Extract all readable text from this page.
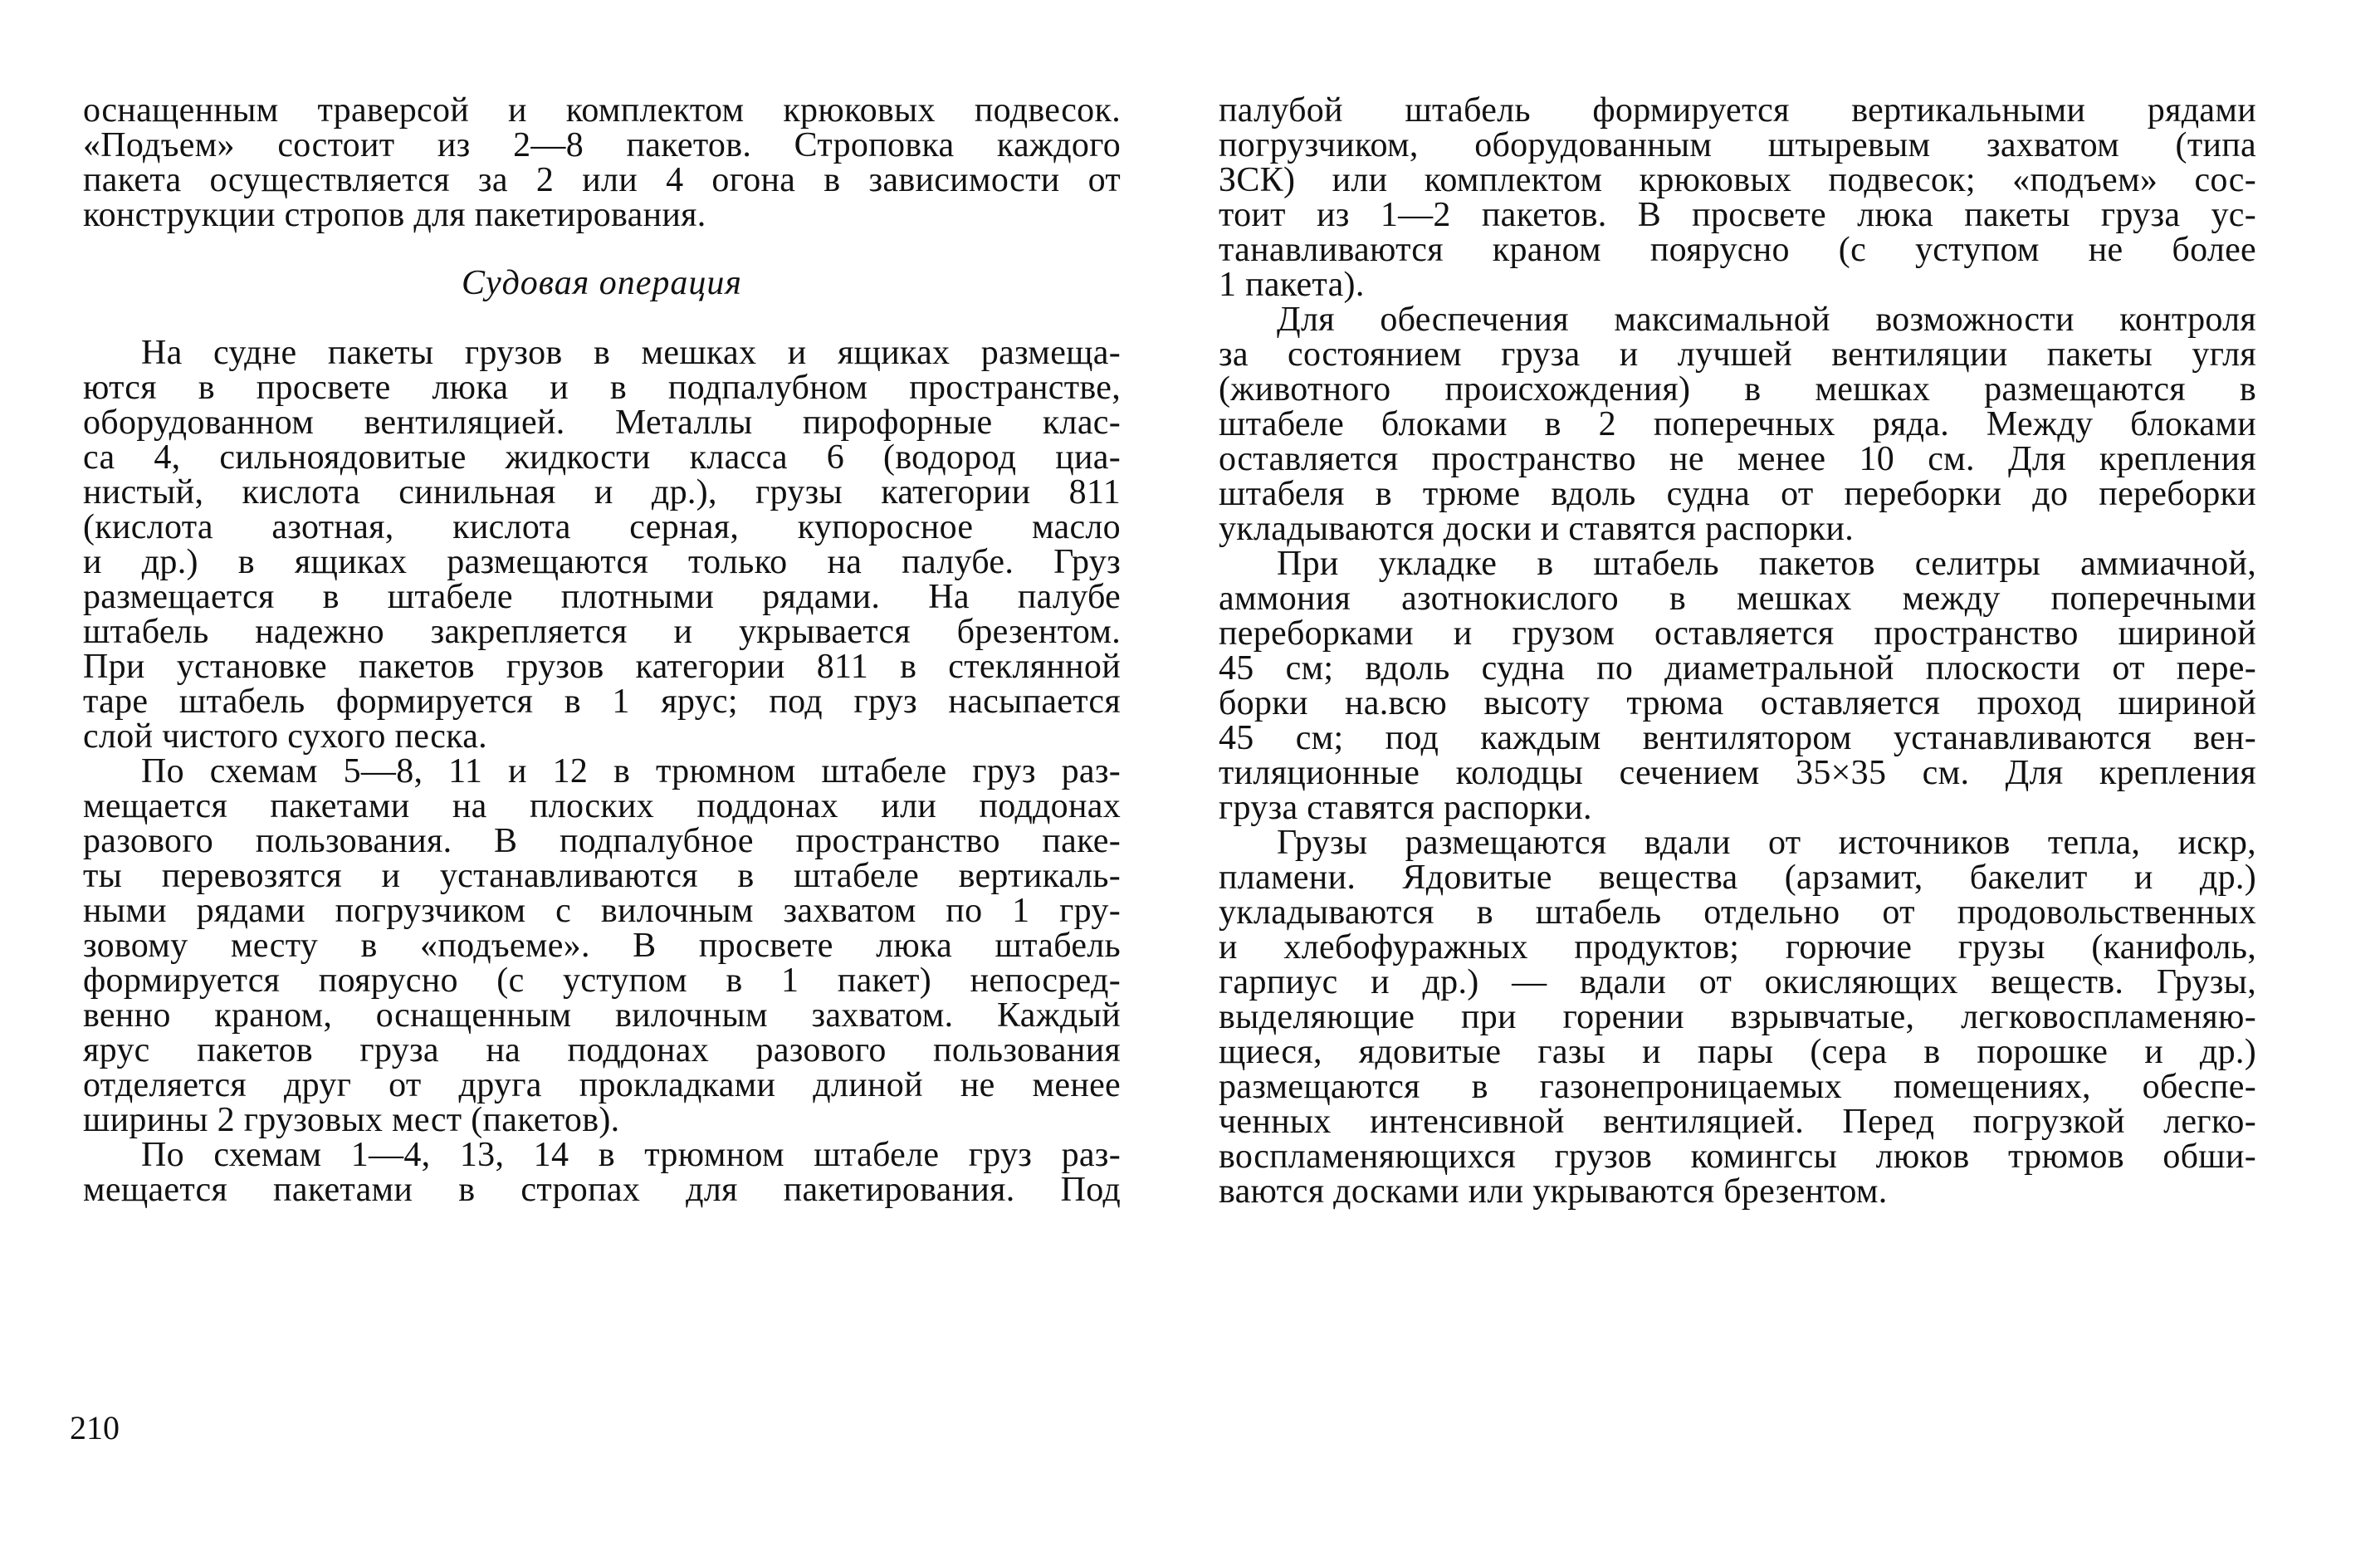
оснащенным траверсой и комплектом крюковых подвесок.
«Подъем» состоит из 2—8 пакетов. Строповка каждого
пакета осуществляется за 2 или 4 огона в зависимости от
конструкции стропов для пакетирования.
Судовая операция
На судне пакеты грузов в мешках и ящиках размеща-
ются в просвете люка и в подпалубном пространстве,
оборудованном вентиляцией. Металлы пирофорные клас-
са 4, сильноядовитые жидкости класса 6 (водород циа-
нистый, кислота синильная и др.), грузы категории 811
(кислота азотная, кислота серная, купоросное масло
и др.) в ящиках размещаются только на палубе. Груз
размещается в штабеле плотными рядами. На палубе
штабель надежно закрепляется и укрывается брезентом.
При установке пакетов грузов категории 811 в стеклянной
таре штабель формируется в 1 ярус; под груз насыпается
слой чистого сухого песка.
По схемам 5—8, 11 и 12 в трюмном штабеле груз раз-
мещается пакетами на плоских поддонах или поддонах
разового пользования. В подпалубное пространство паке-
ты перевозятся и устанавливаются в штабеле вертикаль-
ными рядами погрузчиком с вилочным захватом по 1 гру-
зовому месту в «подъеме». В просвете люка штабель
формируется поярусно (с уступом в 1 пакет) непосред-
венно краном, оснащенным вилочным захватом. Каждый
ярус пакетов груза на поддонах разового пользования
отделяется друг от друга прокладками длиной не менее
ширины 2 грузовых мест (пакетов).
По схемам 1—4, 13, 14 в трюмном штабеле груз раз-
мещается пакетами в стропах для пакетирования. Под
палубой штабель формируется вертикальными рядами
погрузчиком, оборудованным штыревым захватом (типа
ЗСК) или комплектом крюковых подвесок; «подъем» сос-
тоит из 1—2 пакетов. В просвете люка пакеты груза ус-
танавливаются краном поярусно (с уступом не более
1 пакета).
Для обеспечения максимальной возможности контроля
за состоянием груза и лучшей вентиляции пакеты угля
(животного происхождения) в мешках размещаются в
штабеле блоками в 2 поперечных ряда. Между блоками
оставляется пространство не менее 10 см. Для крепления
штабеля в трюме вдоль судна от переборки до переборки
укладываются доски и ставятся распорки.
При укладке в штабель пакетов селитры аммиачной,
аммония азотнокислого в мешках между поперечными
переборками и грузом оставляется пространство шириной
45 см; вдоль судна по диаметральной плоскости от пере-
борки на.всю высоту трюма оставляется проход шириной
45 см; под каждым вентилятором устанавливаются вен-
тиляционные колодцы сечением 35×35 см. Для крепления
груза ставятся распорки.
Грузы размещаются вдали от источников тепла, искр,
пламени. Ядовитые вещества (арзамит, бакелит и др.)
укладываются в штабель отдельно от продовольственных
и хлебофуражных продуктов; горючие грузы (канифоль,
гарпиус и др.) — вдали от окисляющих веществ. Грузы,
выделяющие при горении взрывчатые, легковоспламеняю-
щиеся, ядовитые газы и пары (сера в порошке и др.)
размещаются в газонепроницаемых помещениях, обеспе-
ченных интенсивной вентиляцией. Перед погрузкой легко-
воспламеняющихся грузов комингсы люков трюмов обши-
ваются досками или укрываются брезентом.
210
